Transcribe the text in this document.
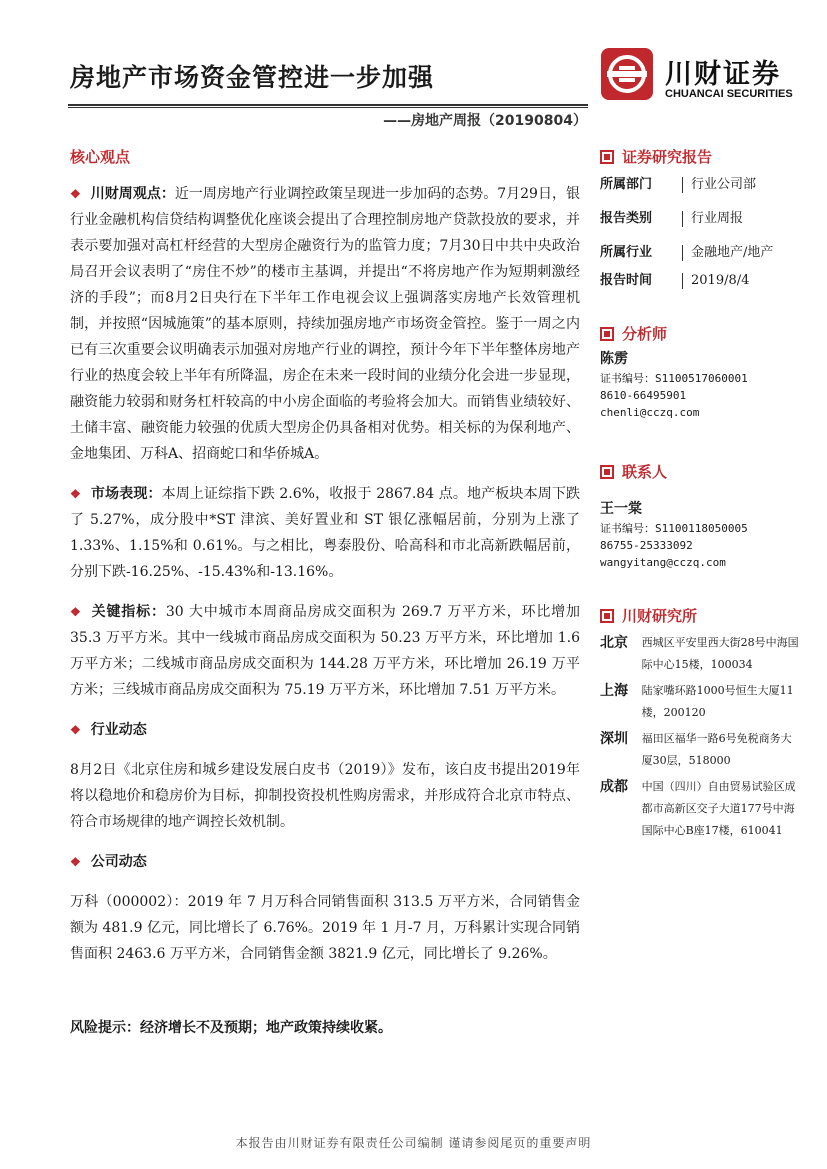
房地产市场资金管控进一步加强
——房地产周报（20190804）
川财证券
CHUANCAI SECURITIES
核心观点
❖ 川财周观点：近一周房地产行业调控政策呈现进一步加码的态势。7月29日，银行业金融机构信贷结构调整优化座谈会提出了合理控制房地产贷款投放的要求，并表示要加强对高杠杆经营的大型房企融资行为的监管力度；7月30日中共中央政治局召开会议表明了“房住不炒”的楼市主基调，并提出“不将房地产作为短期刺激经济的手段”；而8月2日央行在下半年工作电视会议上强调落实房地产长效管理机制，并按照“因城施策”的基本原则，持续加强房地产市场资金管控。鉴于一周之内已有三次重要会议明确表示加强对房地产行业的调控，预计今年下半年整体房地产行业的热度会较上半年有所降温，房企在未来一段时间的业绩分化会进一步显现，融资能力较弱和财务杠杆较高的中小房企面临的考验将会加大。而销售业绩较好、土储丰富、融资能力较强的优质大型房企仍具备相对优势。相关标的为保利地产、金地集团、万科A、招商蛇口和华侨城A。
❖ 市场表现：本周上证综指下跌 2.6%，收报于 2867.84 点。地产板块本周下跌了 5.27%，成分股中*ST 津滨、美好置业和 ST 银亿涨幅居前，分别为上涨了 1.33%、1.15%和 0.61%。与之相比，粤泰股份、哈高科和市北高新跌幅居前，分别下跌-16.25%、-15.43%和-13.16%。
❖ 关键指标：30 大中城市本周商品房成交面积为 269.7 万平方米，环比增加 35.3 万平方米。其中一线城市商品房成交面积为 50.23 万平方米，环比增加 1.6 万平方米；二线城市商品房成交面积为 144.28 万平方米，环比增加 26.19 万平方米；三线城市商品房成交面积为 75.19 万平方米，环比增加 7.51 万平方米。
❖ 行业动态
8月2日《北京住房和城乡建设发展白皮书（2019）》发布，该白皮书提出2019年将以稳地价和稳房价为目标，抑制投资投机性购房需求，并形成符合北京市特点、符合市场规律的地产调控长效机制。
❖ 公司动态
万科（000002）：2019 年 7 月万科合同销售面积 313.5 万平方米，合同销售金额为 481.9 亿元，同比增长了 6.76%。2019 年 1 月-7 月，万科累计实现合同销售面积 2463.6 万平方米，合同销售金额 3821.9 亿元，同比增长了 9.26%。
风险提示：经济增长不及预期；地产政策持续收紧。
证券研究报告
所属部门	行业公司部
报告类别	行业周报
所属行业	金融地产/地产
报告时间	2019/8/4
分析师
陈雳
证书编号：S1100517060001
8610-66495901
chenli@cczq.com
联系人
王一棠
证书编号：S1100118050005
86755-25333092
wangyitang@cczq.com
川财研究所
北京	西城区平安里西大街28号中海国际中心15楼，100034
上海	陆家嘴环路1000号恒生大厦11楼，200120
深圳	福田区福华一路6号免税商务大厦30层，518000
成都	中国（四川）自由贸易试验区成都市高新区交子大道177号中海国际中心B座17楼，610041
本报告由川财证券有限责任公司编制 谨请参阅尾页的重要声明
